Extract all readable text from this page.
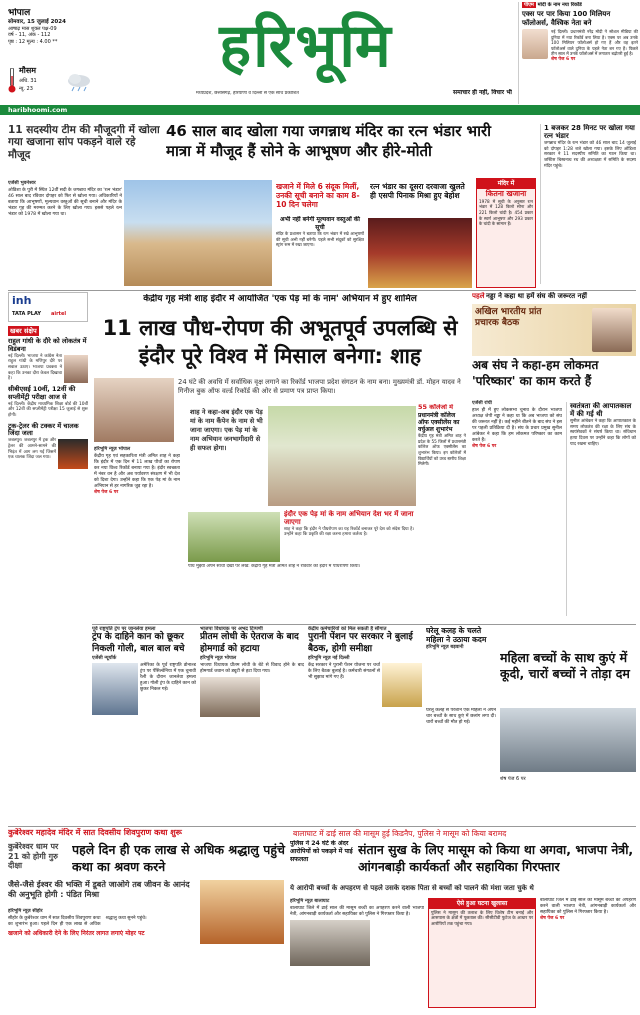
भोपाल
सोमवार, 15 जुलाई 2024
आषाढ़ मास शुक्ल पक्ष-09
वर्ष - 11, अंक - 112
पृष्ठ : 12 मूल्य : 4.00 **
मौसम
अधि. 31
न्यू. 23
हरिभूमि
मध्यप्रदेश, छत्तीसगढ़, हरियाणा व दिल्ली से एक साथ प्रकाशित	समाचार ही नहीं, विचार भी
haribhoomi.com
पीएम मोदी के नाम नया रिकॉर्ड
एक्स पर पार किया 100 मिलियन फॉलोअर्स, वैश्विक नेता बने
नई दिल्ली। प्रधानमंत्री नरेंद्र मोदी ने सोशल मीडिया की दुनिया में नया रिकॉर्ड बना लिया है। एक्स पर अब उनके 100 मिलियन फॉलोअर्स हो गए हैं और वह इतने फॉलोअर्स वाले दुनिया के पहले नेता बन गए हैं। पिछले तीन साल में उनके फॉलोअर्स में लगातार बढ़ोतरी हुई है।
शेष पेज 6 पर
11 सदस्यीय टीम की मौजूदगी में खोला गया खजाना सांप पकड़ने वाले रहे मौजूद
46 साल बाद खोला गया जगन्नाथ मंदिर का रत्न भंडार भारी मात्रा में मौजूद हैं सोने के आभूषण और हीरे-मोती
एजेंसी भुवनेश्वर
ओडिशा के पुरी में स्थित 12वीं सदी के जगन्नाथ मंदिर का 'रत्न भंडार' 46 साल बाद रविवार दोपहर को फिर से खोला गया। अधिकारियों ने बताया कि आभूषणों, मूल्यवान वस्तुओं की सूची बनाने और मंदिर के भंडार गृह की मरम्मत करने के लिए खोला गया। इससे पहले रत्न भंडार को 1978 में खोला गया था।
खजाने में मिले 6 संदूक मिलीं, उनकी सूची बनाने का काम 8-10 दिन चलेगा
रत्न भंडार का दूसरा दरवाजा खुलते ही एसपी पिनाक मिश्रा हुए बेहोश
अभी नहीं बनेगी मूल्यवान वस्तुओं की सूची
मंदिर के प्रशासन ने बताया कि रत्न भंडार में रखे आभूषणों की सूची अभी नहीं बनेगी। पहले सभी संदूकों को सुरक्षित स्ट्रांग रूम में रखा जाएगा।
मंदिर में
कितना खजाना
1978 में सूची के अनुसार रत्न भंडार में 128 किलो सोना और 221 किलो चांदी है। 454 प्रकार के स्वर्ण आभूषण और 293 प्रकार के चांदी के सामान हैं।
1 बजकर 28 मिनट पर खोला गया रत्न भंडार
जगन्नाथ मंदिर के रत्न भंडार को 46 साल बाद 14 जुलाई को दोपहर 1:28 बजे खोला गया। इसके लिए ओडिशा सरकार ने 11 सदस्यीय समिति का गठन किया था। जस्टिस बिस्वनाथ रथ की अध्यक्षता में समिति के सदस्य मंदिर पहुंचे।
inh
TATA PLAY airtel
खबर संक्षेप
राहुल गांधी के दौरे को लोकतंत्र में विडंबना
नई दिल्ली। भाजपा ने कांग्रेस नेता राहुल गांधी के मणिपुर दौरे पर सवाल उठाए। भाजपा प्रवक्ता ने कहा कि उनका दौरा केवल दिखावा है।
सीबीएसई 10वीं, 12वीं की सप्लीमेंट्री परीक्षा आज से
नई दिल्ली। केंद्रीय माध्यमिक शिक्षा बोर्ड की 10वीं और 12वीं की सप्लीमेंट्री परीक्षा 15 जुलाई से शुरू होगी।
ट्रक-ट्रेलर की टक्कर में चालक जिंदा जला
जबलपुर। जबलपुर में ट्रक और ट्रेलर की आमने-सामने की भिड़ंत में आग लग गई जिसमें एक चालक जिंदा जल गया।
केंद्रीय गृह मंत्री शाह इंदौर में आयोजित 'एक पेड़ मां के नाम' अभियान में हुए शामिल
11 लाख पौध-रोपण की अभूतपूर्व उपलब्धि से इंदौर पूरे विश्व में मिसाल बनेगा: शाह
24 घंटे की अवधि में सर्वाधिक वृक्ष लगाने का रिकॉर्ड भाजपा प्रदेश संगठन के नाम बना। मुख्यमंत्री डॉ. मोहन यादव ने गिनीज बुक ऑफ वर्ल्ड रिकॉर्ड की ओर से प्रमाण पत्र प्राप्त किया।
शाह ने कहा-अब इंदौर एक पेड़ मां के नाम कैंपेन के नाम से भी जाना जाएगा। एक पेड़ मां के नाम अभियान जनभागीदारी से ही सफल होगा।
55 कॉलेजों में
प्रधानमंत्री कॉलेज ऑफ एक्सीलेंस का वर्चुअल शुभारंभ
केंद्रीय गृह मंत्री अमित शाह ने प्रदेश के 55 जिलों में प्रधानमंत्री कॉलेज ऑफ एक्सीलेंस का शुभारंभ किया। इन कॉलेजों में विद्यार्थियों को उच्च स्तरीय शिक्षा मिलेगी।
हरिभूमि न्यूज़ भोपाल
केंद्रीय गृह एवं सहकारिता मंत्री अमित शाह ने कहा कि इंदौर में एक दिन में 11 लाख पौधों का रोपण कर नया विश्व रिकॉर्ड बनाया गया है। इंदौर स्वच्छता में नंबर वन है और अब पर्यावरण संरक्षण में भी देश को दिशा देगा। उन्होंने कहा कि एक पेड़ मां के नाम अभियान से हर नागरिक जुड़ रहा है।
शेष पेज 6 पर
इंदौर एक पेड़ मां के नाम अभियान देश भर में जाना जाएगा
शाह ने कहा कि इंदौर ने पौधरोपण का यह रिकॉर्ड बनाकर पूरे देश को संदेश दिया है। उन्होंने कहा कि प्रकृति की रक्षा करना हमारा कर्तव्य है।
पौधे मुझ्या अपने साथी देखी पर लेखे: केंद्रीय गृह मंत्री अमित शाह ने रविवार को इंदौर में पौधरोपण किया।
पहले नड्डा ने कहा था हमें संघ की जरूरत नहीं
अखिल भारतीय प्रांत प्रचारक बैठक
अब संघ ने कहा-हम लोकमत 'परिष्कार' का काम करते हैं
एजेंसी रांची
हाल ही में हुए लोकसभा चुनाव के दौरान भाजपा अध्यक्ष जेपी नड्डा ने कहा था कि अब भाजपा को संघ की जरूरत नहीं है। कई महीने बीतने के बाद संघ ने इस पर पहली प्रतिक्रिया दी है। संघ के प्रचार प्रमुख सुनील आंबेकर ने कहा कि हम लोकमत परिष्कार का काम करते हैं।
शेष पेज 6 पर
स्वतंत्रता की आपातकाल में की गई थी
सुनील आंबेकर ने कहा कि आपातकाल के समय लोकतंत्र की रक्षा के लिए संघ के स्वयंसेवकों ने संघर्ष किया था। संविधान हत्या दिवस पर उन्होंने कहा कि लोगों को याद रखना चाहिए।
पूर्व राष्ट्रपति ट्रंप पर जानलेवा हमला
ट्रंप के दाहिने कान को छूकर निकली गोली, बाल बाल बचे
एजेंसी न्यूयॉर्क
अमेरिका के पूर्व राष्ट्रपति डोनाल्ड ट्रंप पर पेंसिल्वेनिया में एक चुनावी रैली के दौरान जानलेवा हमला हुआ। गोली ट्रंप के दाहिने कान को छूकर निकल गई।
भाजपा विधायक पर अभद्र टिप्पणी
प्रीतम लोधी के ऐतराज के बाद होमगार्ड को हटाया
हरिभूमि न्यूज़ भोपाल
भाजपा विधायक प्रीतम लोधी के बेटे से विवाद होने के बाद होमगार्ड जवान को ड्यूटी से हटा दिया गया।
केंद्रीय कर्मचारियों को मिल सकती है सौगात
पुरानी पेंशन पर सरकार ने बुलाई बैठक, होगी समीक्षा
हरिभूमि न्यूज़ नई दिल्ली
केंद्र सरकार ने पुरानी पेंशन योजना पर चर्चा के लिए बैठक बुलाई है। कर्मचारी संगठनों से भी सुझाव मांगे गए हैं।
घरेलू कलह के चलते महिला ने उठाया कदम
हरिभूमि न्यूज़ बड़वानी
महिला बच्चों के साथ कुएं में कूदी, चारों बच्चों ने तोड़ा दम
घरेलू कलह से परेशान एक महिला ने अपने चार बच्चों के साथ कुएं में छलांग लगा दी। चारों बच्चों की मौत हो गई।
शेष पेज 6 पर
कुबेरेश्वर महादेव मंदिर में सात दिवसीय शिवपुराण कथा शुरू
कुबेरेश्वर धाम पर 21 को होगी गुरु दीक्षा
पहले दिन ही एक लाख से अधिक श्रद्धालु पहुंचे कथा का श्रवण करने
जैसे-जैसे ईश्वर की भक्ति में डूबते जाओगे तब जीवन के आनंद की अनुभूति होगी : पंडित मिश्रा
हरिभूमि न्यूज़ सीहोर
सीहोर के कुबेरेश्वर धाम में सात दिवसीय शिवपुराण कथा का शुभारंभ हुआ। पहले दिन ही एक लाख से अधिक श्रद्धालु कथा सुनने पहुंचे।
खजाने को अधिकारी देने के लिए निरंतर लागत लगाएं मोहर पट
पुलिस ने 24 घंटे के अंदर आरोपियों को पकड़ने में पाई सफलता
बालाघाट में ढाई साल की मासूम हुई किडनैप, पुलिस ने मासूम को किया बरामद
संतान सुख के लिए मासूम को किया था अगवा, भाजपा नेत्री, आंगनबाड़ी कार्यकर्ता और सहायिका गिरफ्तार
ये आरोपी बच्चों के अपहरण से पहले उसके दशक पिता से बच्चों को पालने की मंशा जता चुके थे
हरिभूमि न्यूज़ बालाघाट
बालाघाट जिले में ढाई साल की मासूम बच्ची का अपहरण करने वाली भाजपा नेत्री, आंगनबाड़ी कार्यकर्ता और सहायिका को पुलिस ने गिरफ्तार किया है।
ऐसे हुआ घटना खुलासा
पुलिस ने मासूम की तलाश के लिए विशेष टीम बनाई और आसपास के क्षेत्रों में पूछताछ की। सीसीटीवी फुटेज के आधार पर आरोपियों तक पहुंचा गया।
बालाघाट जिले में ढाई साल की मासूम बच्ची का अपहरण करने वाली भाजपा नेत्री, आंगनबाड़ी कार्यकर्ता और सहायिका को पुलिस ने गिरफ्तार किया है।
शेष पेज 6 पर
